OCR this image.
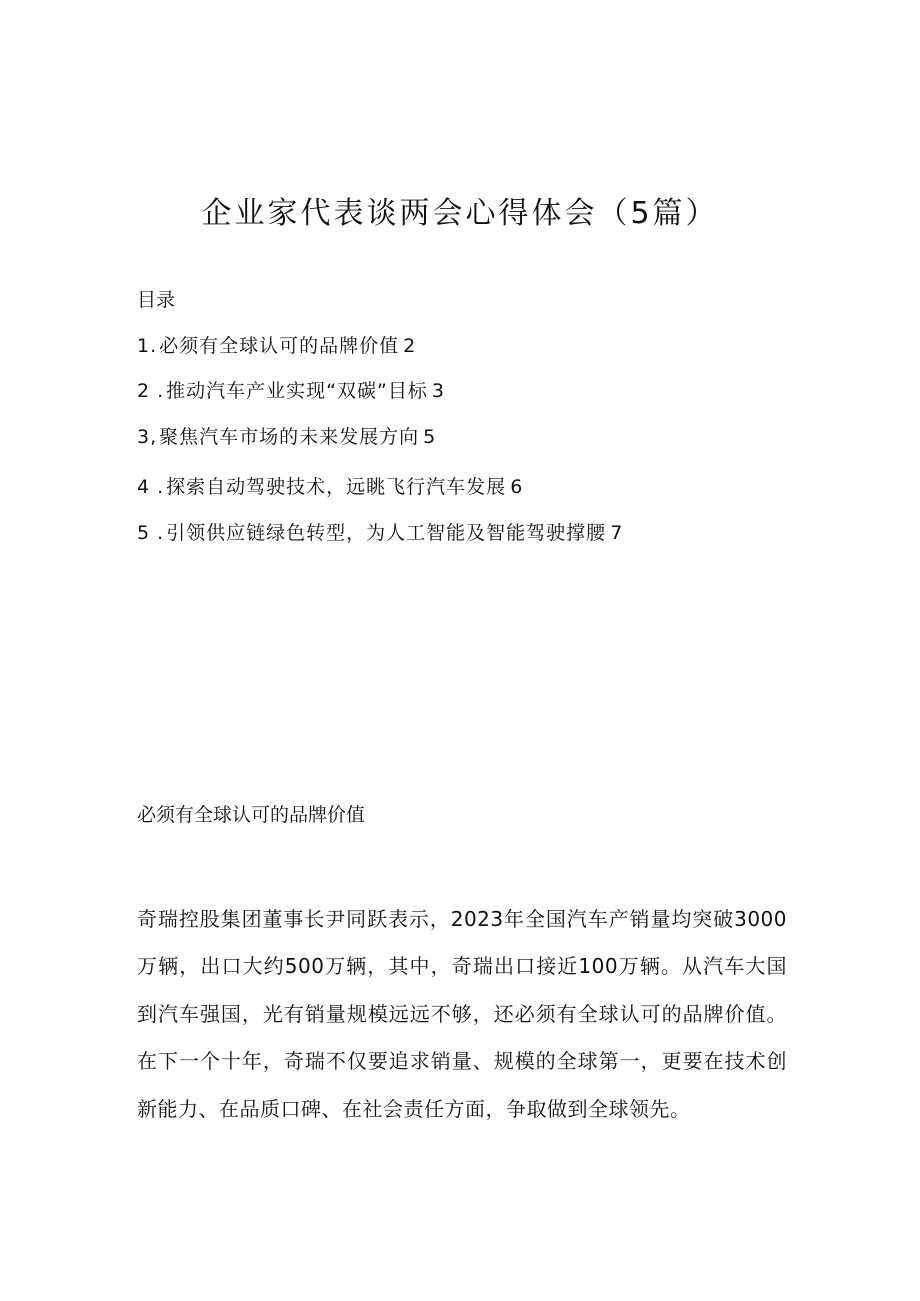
企业家代表谈两会心得体会（5篇）
目录
1. 必须有全球认可的品牌价值 2
2 . 推动汽车产业实现“双碳”目标 3
3, 聚焦汽车市场的未来发展方向 5
4 . 探索自动驾驶技术，远眺飞行汽车发展 6
5 . 引领供应链绿色转型，为人工智能及智能驾驶撑腰 7
必须有全球认可的品牌价值

奇瑞控股集团董事长尹同跃表示，2023年全国汽车产销量均突破3000万辆，出口大约500万辆，其中，奇瑞出口接近100万辆。从汽车大国到汽车强国，光有销量规模远远不够，还必须有全球认可的品牌价值。在下一个十年，奇瑞不仅要追求销量、规模的全球第一，更要在技术创新能力、在品质口碑、在社会责任方面，争取做到全球领先。
